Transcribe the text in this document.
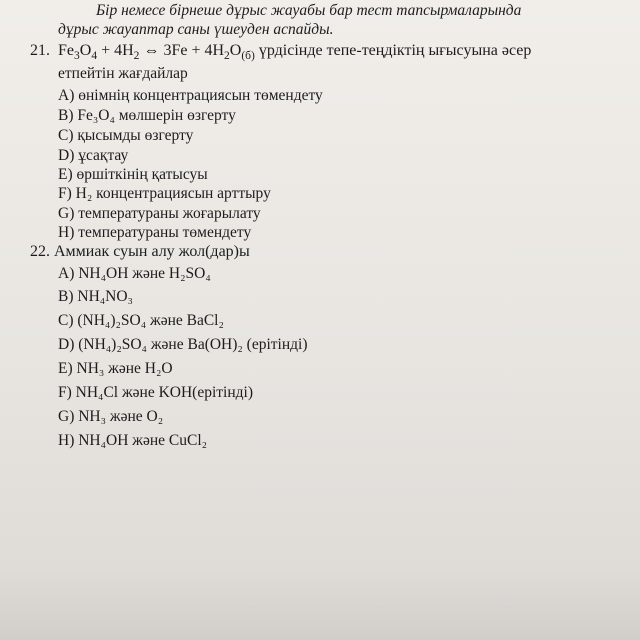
Бір немесе бірнеше дұрыс жауабы бар тест тапсырмаларында
дұрыс жауаптар саны үшеуден аспайды.
21.  $Fe_3O_4 + 4H_2$ ⇔ $3Fe + 4H_2O_{(б)}$ үрдісінде тепе-теңдіктің ығысуына әсер
етпейтін жағдайлар
А) өнімнің концентрациясын төмендету
В) Fe₃O₄ мөлшерін өзгерту
С) қысымды өзгерту
D) ұсақтау
Е) өршіткінің қатысуы
F) H₂ концентрациясын арттыру
G) температураны жоғарылату
Н) температураны төмендету
22. Аммиак суын алу жол(дар)ы
A) NH₄OH және H₂SO₄
B) NH₄NO₃
C) (NH₄)₂SO₄ және BaCl₂
D) (NH₄)₂SO₄ және Ba(OH)₂ (ерітінді)
E) NH₃ және H₂O
F) NH₄Cl және KOH(ерітінді)
G) NH₃ және O₂
H) NH₄OH және CuCl₂
